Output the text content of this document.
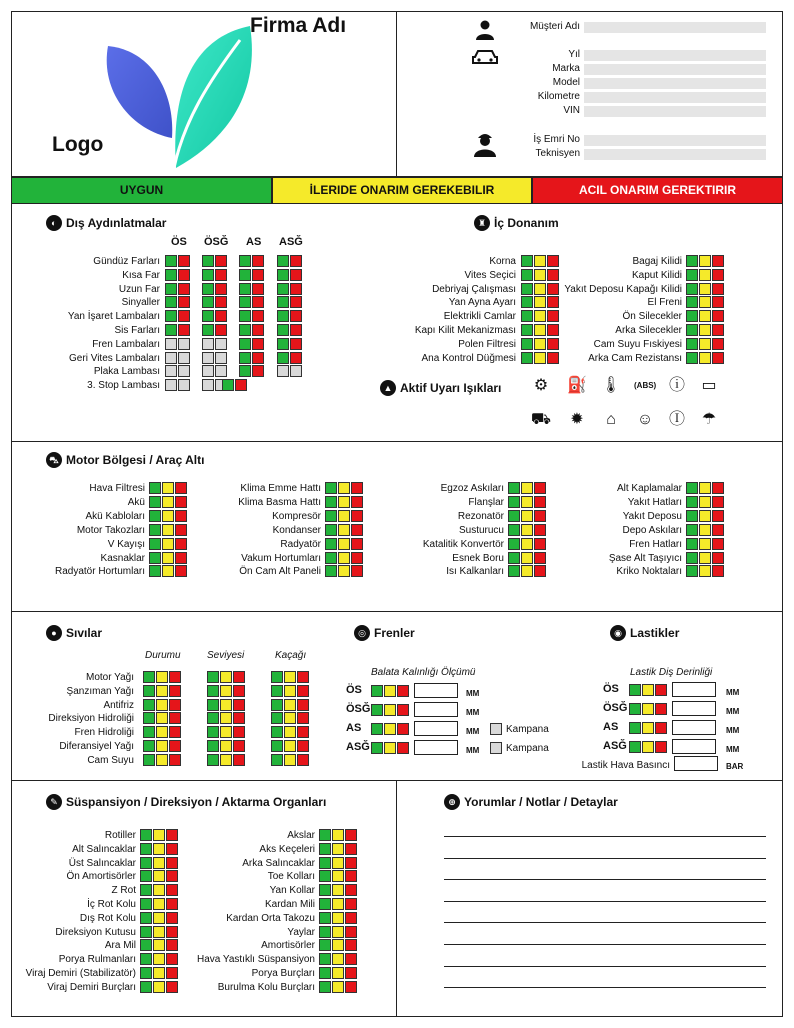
Firma Adı
Logo
Müşteri Adı
Yıl
Marka
Model
Kilometre
VIN
İş Emri No
Teknisyen
UYGUN	İLERIDE ONARIM GEREKEBILIR	ACIL ONARIM GEREKTIRIR
◐ Dış Aydınlatmalar
ÖS ÖSĞ AS ASĞ
Gündüz Farları
Kısa Far
Uzun Far
Sinyaller
Yan İşaret Lambaları
Sis Farları
Fren Lambaları
Geri Vites Lambaları
Plaka Lambası
3. Stop Lambası
♜ İç Donanım
Korna
Vites Seçici
Debriyaj Çalışması
Yan Ayna Ayarı
Elektrikli Camlar
Kapı Kilit Mekanizması
Polen Filtresi
Ana Kontrol Düğmesi
Bagaj Kilidi
Kaput Kilidi
Yakıt Deposu Kapağı Kilidi
El Freni
Ön Silecekler
Arka Silecekler
Cam Suyu Fıskiyesi
Arka Cam Rezistansı
▲ Aktif Uyarı Işıkları ⚙ ⛽ 🌡 (ABS) ⓘ ▭
⛟ ✹	⌂	☺ Ⓘ ☂
⛍ Motor Bölgesi / Araç Altı
Hava Filtresi
Akü
Akü Kabloları
Motor Takozları
V Kayışı
Kasnaklar
Radyatör Hortumları
Klima Emme Hattı
Klima Basma Hattı
Kompresör
Kondanser
Radyatör
Vakum Hortumları
Ön Cam Alt Paneli
Egzoz Askıları
Flanşlar
Rezonatör
Susturucu
Katalitik Konvertör
Esnek Boru
Isı Kalkanları
Alt Kaplamalar
Yakıt Hatları
Yakıt Deposu
Depo Askıları
Fren Hatları
Şase Alt Taşıyıcı
Kriko Noktaları
● Sıvılar
Durumu	Seviyesi	Kaçağı
Motor Yağı
Şanzıman Yağı
Antifriz
Direksiyon Hidroliği
Fren Hidroliği
Diferansiyel Yağı
Cam Suyu
◎ Frenler
Balata Kalınlığı Ölçümü
ÖS	MM
ÖSĞ	MM
AS	MM	Kampana
ASĞ	MM	Kampana
◉ Lastikler
Lastik Diş Derinliği
ÖS	MM
ÖSĞ	MM
AS	MM
ASĞ	MM
Lastik Hava Basıncı	BAR
✎ Süspansiyon / Direksiyon / Aktarma Organları
Rotiller
Alt Salıncaklar
Üst Salıncaklar
Ön Amortisörler
Z Rot
İç Rot Kolu
Dış Rot Kolu
Direksiyon Kutusu
Ara Mil
Porya Rulmanları
Viraj Demiri (Stabilizatör)
Viraj Demiri Burçları
Akslar
Aks Keçeleri
Arka Salıncaklar
Toe Kolları
Yan Kollar
Kardan Mili
Kardan Orta Takozu
Yaylar
Amortisörler
Hava Yastıklı Süspansiyon
Porya Burçları
Burulma Kolu Burçları
⊕ Yorumlar / Notlar / Detaylar
